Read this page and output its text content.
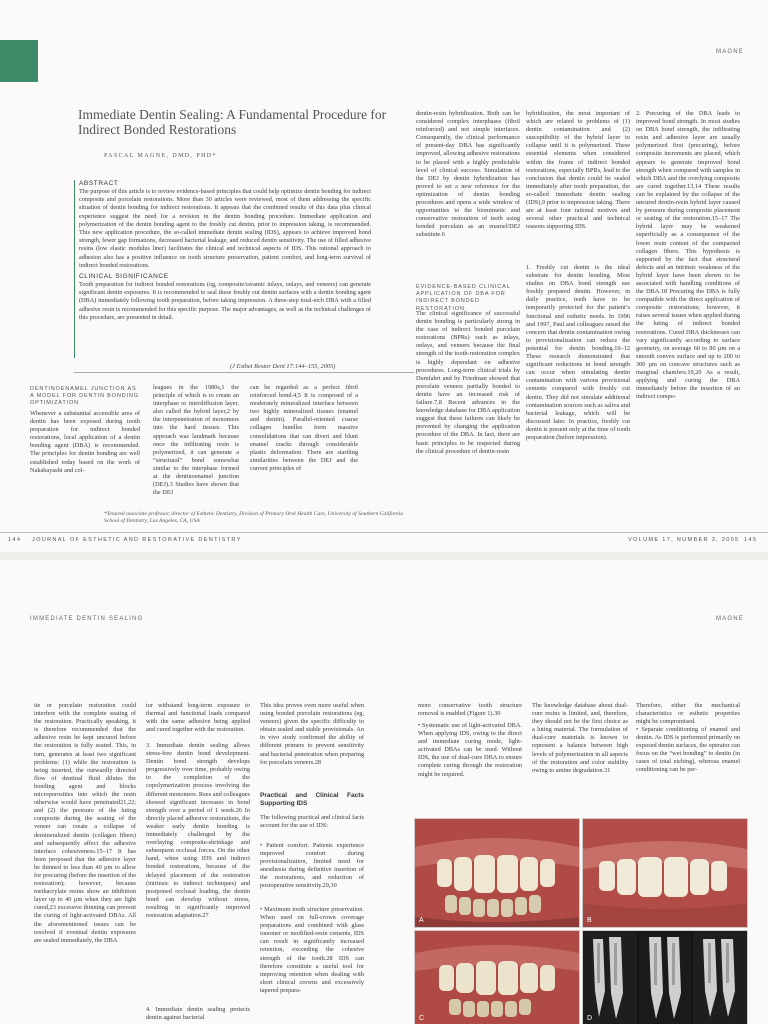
MAGNE
Immediate Dentin Sealing: A Fundamental Procedure for Indirect Bonded Restorations
PASCAL MAGNE, DMD, PHD*

ABSTRACT

The purpose of this article is to review evidence-based principles that could help optimize dentin bonding for indirect composite and porcelain restorations. More than 30 articles were reviewed, most of them addressing the specific situation of dentin bonding for indirect restorations. It appears that the combined results of this data plus clinical experience suggest the need for a revision in the dentin bonding procedure. Immediate application and polymerization of the dentin bonding agent to the freshly cut dentin, prior to impression taking, is recommended. This new application procedure, the so-called immediate dentin sealing (IDS), appears to achieve improved bond strength, fewer gap formations, decreased bacterial leakage, and reduced dentin sensitivity. The use of filled adhesive resins (low elastic modulus liner) facilitates the clinical and technical aspects of IDS. This rational approach to adhesion also has a positive influence on tooth structure preservation, patient comfort, and long-term survival of indirect bonded restorations.

CLINICAL SIGNIFICANCE

Tooth preparation for indirect bonded restorations (eg, composite/ceramic inlays, onlays, and veneers) can generate significant dentin exposures. It is recommended to seal these freshly cut dentin surfaces with a dentin bonding agent (DBA) immediately following tooth preparation, before taking impression. A three-step total-etch DBA with a filled adhesive resin is recommended for this specific purpose. The major advantages, as well as the technical challenges of this procedure, are presented in detail.

(J Esthet Restor Dent 17:144–155, 2005)
DENTINOENAMEL JUNCTION AS A MODEL FOR DENTIN BONDING OPTIMIZATION

Whenever a substantial accessible area of dentin has been exposed during tooth preparation for indirect bonded restorations, local application of a dentin bonding agent (DBA) is recommended. The principles for dentin bonding are well established today based on the work of Nakabayashi and col-

leagues in the 1980s,1 the principle of which is to create an interphase or interdiffusion layer, also called the hybrid layer,2 by the interpenetration of monomers into the hard tissues. This approach was landmark because once the infiltrating resin is polymerized, it can generate a “structural” bond somewhat similar to the interphase formed at the dentinoenamel junction (DEJ).3 Studies have shown that the DEJ

can be regarded as a perfect fibril reinforced bond.4,5 It is composed of a moderately mineralized interface between two highly mineralized tissues (enamel and dentin). Parallel-oriented coarse collagen bundles form massive consolidations that can divert and blunt enamel cracks through considerable plastic deformation. There are startling similarities between the DEJ and the current principles of

dentin-resin hybridization. Both can be considered complex interphases (fibril reinforced) and not simple interfaces. Consequently, the clinical performance of present-day DBA has significantly improved, allowing adhesive restorations to be placed with a highly predictable level of clinical success. Simulation of the DEJ by dentin hybridization has proved to set a new reference for the optimization of dentin bonding procedures and opens a wide window of opportunities to the biomimetic and conservative restoration of teeth using bonded porcelain as an enamel/DEJ substitute.6

EVIDENCE-BASED CLINICAL APPLICATION OF DBA FOR INDIRECT BONDED RESTORATION

The clinical significance of successful dentin bonding is particularly strong in the case of indirect bonded porcelain restorations (BPRs) such as inlays, onlays, and veneers because the final strength of the tooth-restoration complex is highly dependant on adhesive procedures. Long-term clinical trials by Dumfahrt and by Friedman showed that porcelain veneers partially bonded to dentin have an increased risk of failure.7,8 Recent advances in the knowledge database for DBA application suggest that these failures can likely be prevented by changing the application procedure of the DBA. In fact, there are basic principles to be respected during the clinical procedure of dentin-resin

hybridization, the most important of which are related to problems of (1) dentin contamination and (2) susceptibility of the hybrid layer to collapse until it is polymerized. These essential elements when considered within the frame of indirect bonded restorations, especially BPRs, lead to the conclusion that dentin could be sealed immediately after tooth preparation, the so-called immediate dentin sealing (IDS),9 prior to impression taking. There are at least four rational motives and several other practical and technical reasons supporting IDS.

1. Freshly cut dentin is the ideal substrate for dentin bonding. Most studies on DBA bond strength use freshly prepared dentin. However, in daily practice, teeth have to be temporarily protected for the patient’s functional and esthetic needs. In 1996 and 1997, Paul and colleagues raised the concern that dentin contamination owing to provisionalization can reduce the potential for dentin bonding.10–12 These research demonstrated that significant reductions in bond strength can occur when simulating dentin contamination with various provisional cements compared with freshly cut dentin. They did not simulate additional contamination sources such as saliva and bacterial leakage, which will be discussed later. In practice, freshly cut dentin is present only at the time of tooth preparation (before impression).
2. Precuring of the DBA leads to improved bond strength. In most studies on DBA bond strength, the infiltrating resin and adhesive layer are usually polymerized first (precuring), before composite increments are placed, which appears to generate improved bond strength when compared with samples in which DBA and the overlying composite are cured together.13,14 These results can be explained by the collapse of the uncured dentin-resin hybrid layer caused by pressure during composite placement or seating of the restoration.15–17 The hybrid layer may be weakened superficially as a consequence of the lower resin content of the compacted collagen fibers. This hypothesis is supported by the fact that structural defects and an intrinsic weakness of the hybrid layer have been shown to be associated with handling conditions of the DBA.18 Precuring the DBA is fully compatible with the direct application of composite restorations; however, it raises several issues when applied during the luting of indirect bonded restorations. Cured DBA thicknesses can vary significantly according to surface geometry, on average 60 to 80 µm on a smooth convex surface and up to 200 to 300 µm on concave structures such as marginal chamfers.19,20 As a result, applying and curing the DBA immediately before the insertion of an indirect compo-
*Tenured associate professor, director of Esthetic Dentistry, Division of Primary Oral Health Care, University of Southern California School of Dentistry, Los Angeles, CA, USA
144 JOURNAL OF ESTHETIC AND RESTORATIVE DENTISTRY	VOLUME 17, NUMBER 3, 2005 145
IMMEDIATE DENTIN SEALING	MAGNE

ite or porcelain restoration could interfere with the complete seating of the restoration. Practically speaking, it is therefore recommended that the adhesive resin be kept uncured before the restoration is fully seated. This, in turn, generates at least two significant problems: (1) while the restoration is being inserted, the outwardly directed flow of dentinal fluid dilutes the bonding agent and blocks microporosities into which the resin otherwise would have penetrated21,22; and (2) the pressure of the luting composite during the seating of the veneer can create a collapse of demineralized dentin (collagen fibers) and subsequently affect the adhesive interface cohesiveness.15–17 It has been proposed that the adhesive layer be thinned to less than 40 µm to allow for precuring (before the insertion of the restoration); however, because methacrylate resins show an inhibition layer up to 40 µm when they are light cured,23 excessive thinning can prevent the curing of light-activated DBAs. All the aforementioned issues can be resolved if eventual dentin exposures are sealed immediately, the DBA

tor withstand long-term exposure to thermal and functional loads compared with the same adhesive being applied and cured together with the restoration.

3. Immediate dentin sealing allows stress-free dentin bond development. Dentin bond strength develops progressively over time, probably owing to the completion of the copolymerization process involving the different monomers. Rees and colleagues showed significant increases in bond strength over a period of 1 week.26 In directly placed adhesive restorations, the weaker early dentin bonding is immediately challenged by the overlaying composite-shrinkage and subsequent occlusal forces. On the other hand, when using IDS and indirect bonded restorations, because of the delayed placement of the restoration (intrinsic to indirect techniques) and postponed occlusal loading, the dentin bond can develop without stress, resulting in significantly improved restoration adaptation.27
4. Immediate dentin sealing protects dentin against bacterial

This idea proves even more useful when using bonded porcelain restorations (eg, veneers) given the specific difficulty to obtain sealed and stable provisionals. An in vivo study confirmed the ability of different primers to prevent sensitivity and bacterial penetration when preparing for porcelain veneers.28

Practical and Clinical Facts Supporting IDS

The following practical and clinical facts account for the use of IDS:

• Patient comfort. Patients experience improved comfort during provisionalization, limited need for anesthesia during definitive insertion of the restorations, and reduction of postoperative sensitivity.29,30
• Maximum tooth structure preservation. When used on full-crown coverage preparations and combined with glass ionomer or modified-resin cements, IDS can result in significantly increased retention, exceeding the cohesive strength of the tooth.28 IDS can therefore constitute a useful tool for improving retention when dealing with short clinical crowns and excessively tapered prepara-

more conservative tooth structure removal is enabled (Figure 1).30

• Systematic use of light-activated DBA. When applying IDS, owing to the direct and immediate curing mode, light-activated DBAs can be used. Without IDS, the use of dual-cure DBA to ensure complete curing through the restoration might be required.

The knowledge database about dual-cure resins is limited, and, therefore, they should not be the first choice as a luting material. The formulation of dual-cure materials is known to represent a balance between high levels of polymerization in all aspects of the restoration and color stability owing to amine degradation.31

Therefore, either the mechanical characteristics or esthetic properties might be compromised.

• Separate conditioning of enamel and dentin. As IDS is performed primarily on exposed dentin surfaces, the operator can focus on the “wet bonding” to dentin (in cases of total etching), whereas enamel conditioning can be per-
A	B
C	D
